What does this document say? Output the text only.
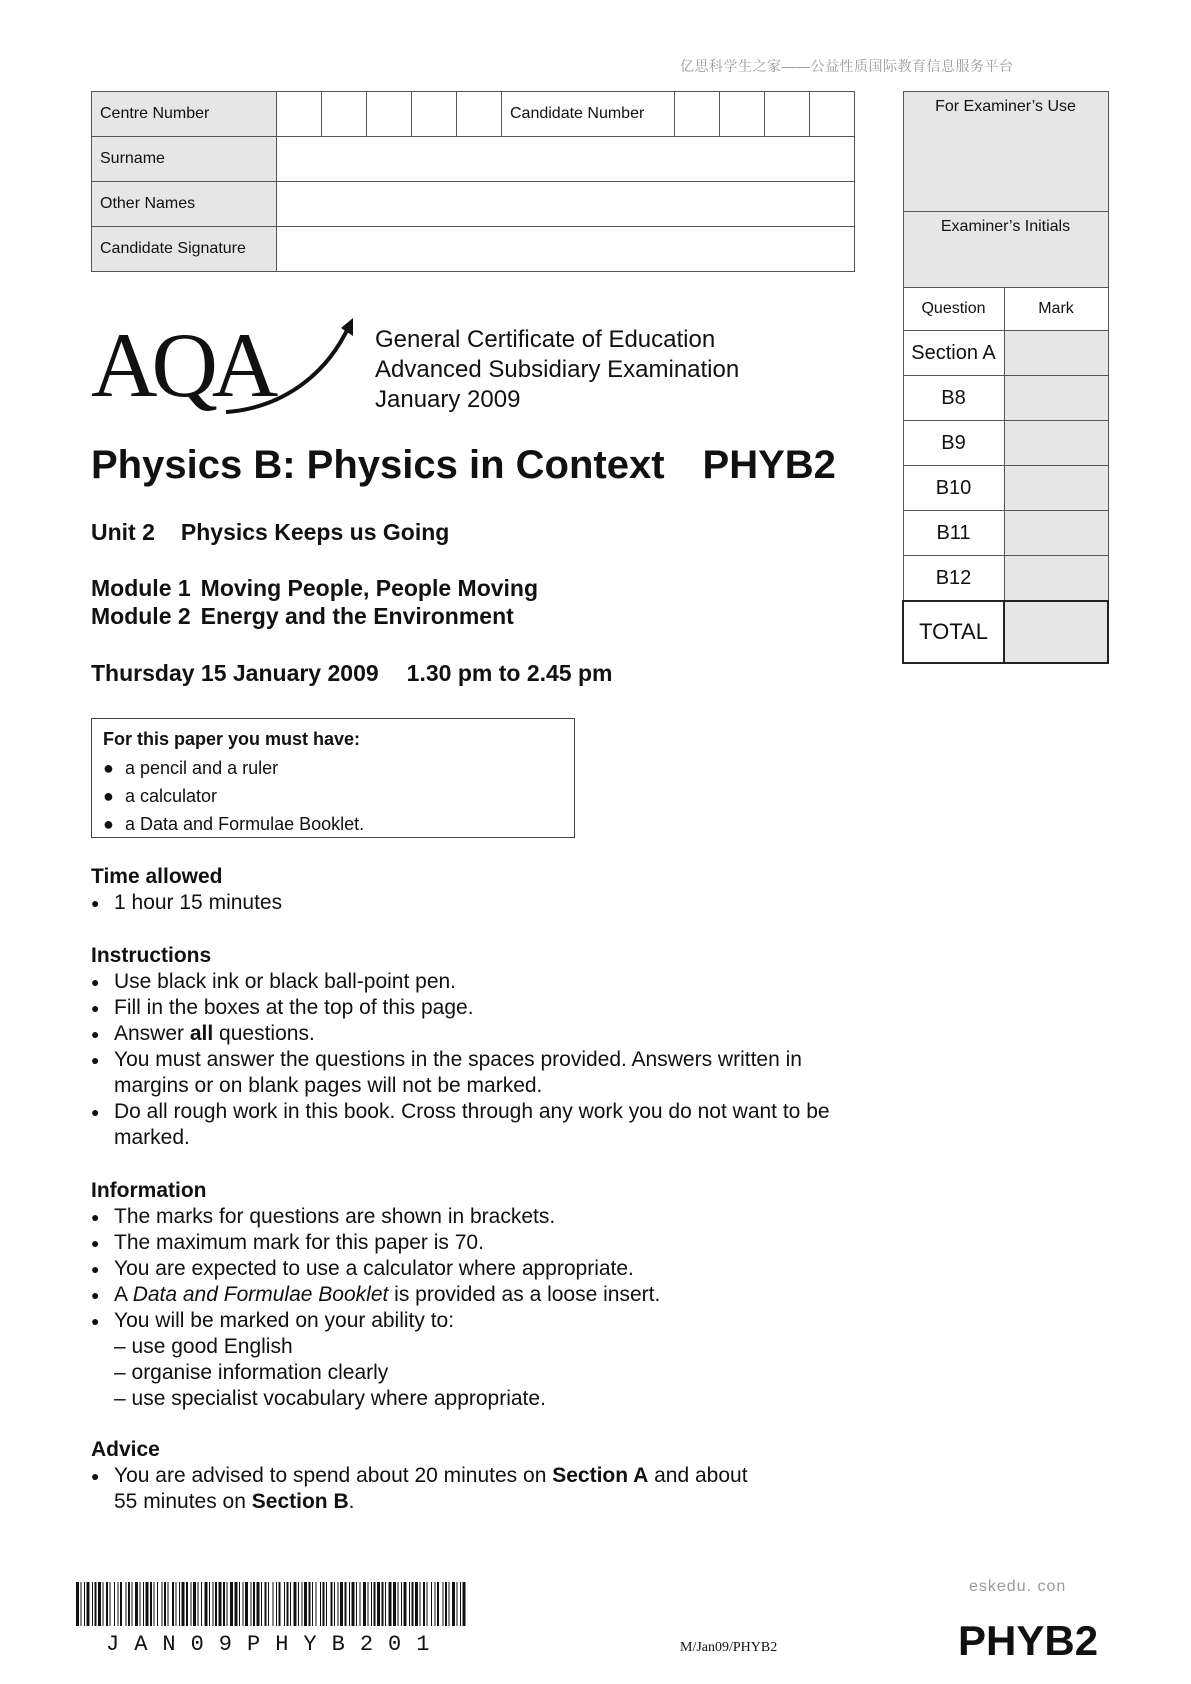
亿思科学生之家——公益性质国际教育信息服务平台
Centre Number						Candidate Number				
Surname										
Other Names										
Candidate Signature										
For Examiner’s Use	
Examiner’s Initials	
Question	Mark
Section A	
B8	
B9	
B10	
B11	
B12	
TOTAL	
AQA	General Certificate of Education
Advanced Subsidiary Examination
January 2009
Physics B: Physics in Context PHYB2
Unit 2 Physics Keeps us Going
Module 1 Moving People, People Moving
Module 2 Energy and the Environment
Thursday 15 January 2009 1.30 pm to 2.45 pm
For this paper you must have:
● a pencil and a ruler
● a calculator
● a Data and Formulae Booklet.
Time allowed
● 1 hour 15 minutes
Instructions
● Use black ink or black ball-point pen.
● Fill in the boxes at the top of this page.
● Answer all questions.
● You must answer the questions in the spaces provided. Answers written in margins or on blank pages will not be marked.
● Do all rough work in this book. Cross through any work you do not want to be marked.
Information
● The marks for questions are shown in brackets.
● The maximum mark for this paper is 70.
● You are expected to use a calculator where appropriate.
● A Data and Formulae Booklet is provided as a loose insert.
● You will be marked on your ability to:
– use good English
– organise information clearly
– use specialist vocabulary where appropriate.
Advice
● You are advised to spend about 20 minutes on Section A and about
55 minutes on Section B.
eskedu. con
JAN09PHYB201	M/Jan09/PHYB2	PHYB2
